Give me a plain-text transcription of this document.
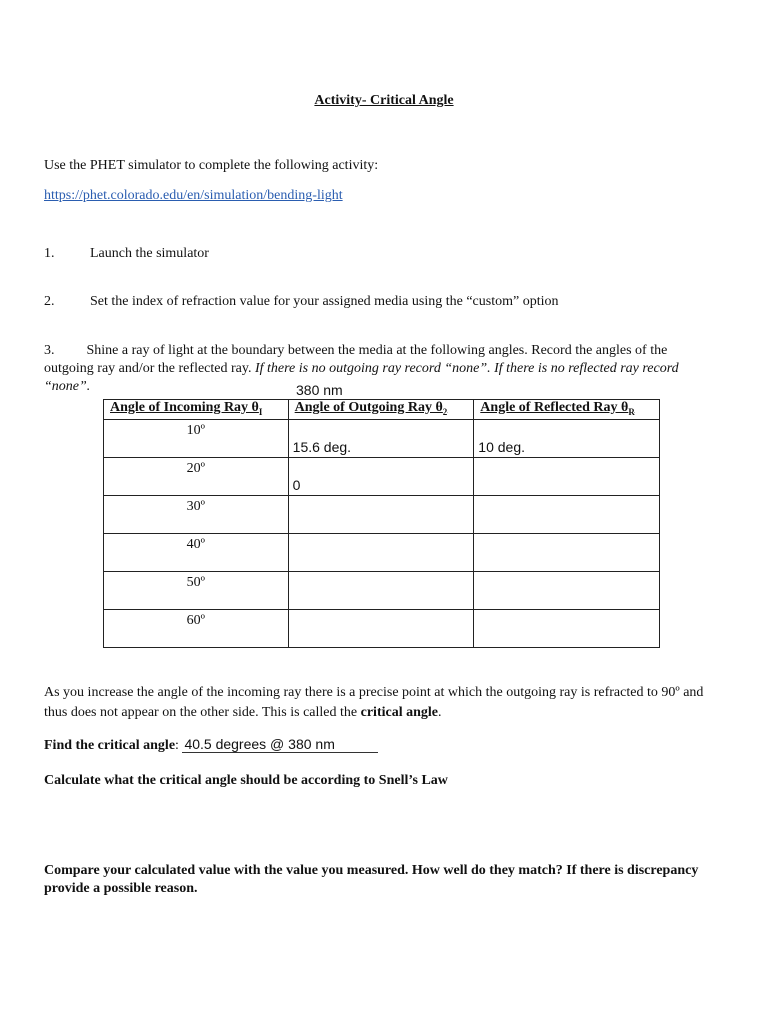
Activity- Critical Angle
Use the PHET simulator to complete the following activity:
https://phet.colorado.edu/en/simulation/bending-light
1.	Launch the simulator
2.	Set the index of refraction value for your assigned media using the “custom” option
3. Shine a ray of light at the boundary between the media at the following angles. Record the angles of the outgoing ray and/or the reflected ray. If there is no outgoing ray record “none”. If there is no reflected ray record “none”.	380 nm
Angle of Incoming Ray $\theta_I$	Angle of Outgoing Ray $\theta_2$	Angle of Reflected Ray $\theta_R$

10º	15.6 deg.	10 deg.

20º	0	

30º		

40º		

50º		

60º		

As you increase the angle of the incoming ray there is a precise point at which the outgoing ray is refracted to 90º and thus does not appear on the other side. This is called the critical angle.
Find the critical angle: 40.5 degrees @ 380 nm
Calculate what the critical angle should be according to Snell’s Law
Compare your calculated value with the value you measured. How well do they match? If there is discrepancy provide a possible reason.
